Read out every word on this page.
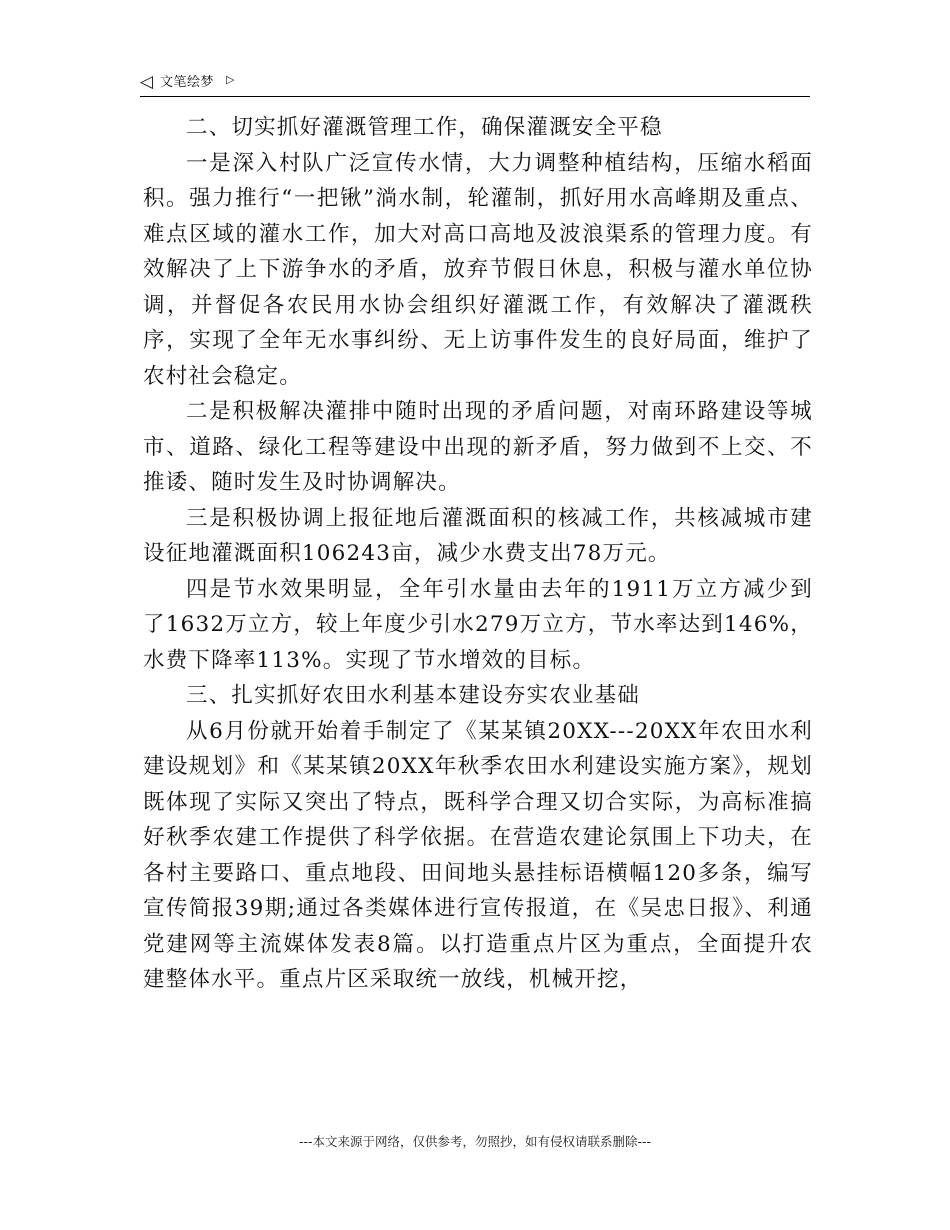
◁ 文笔绘梦 ▷

二、切实抓好灌溉管理工作，确保灌溉安全平稳

一是深入村队广泛宣传水情，大力调整种植结构，压缩水稻面积。强力推行“一把锹”淌水制，轮灌制，抓好用水高峰期及重点、难点区域的灌水工作，加大对高口高地及波浪渠系的管理力度。有效解决了上下游争水的矛盾，放弃节假日休息，积极与灌水单位协调，并督促各农民用水协会组织好灌溉工作，有效解决了灌溉秩序，实现了全年无水事纠纷、无上访事件发生的良好局面，维护了农村社会稳定。

二是积极解决灌排中随时出现的矛盾问题，对南环路建设等城市、道路、绿化工程等建设中出现的新矛盾，努力做到不上交、不推诿、随时发生及时协调解决。

三是积极协调上报征地后灌溉面积的核减工作，共核减城市建设征地灌溉面积106243亩，减少水费支出78万元。

四是节水效果明显，全年引水量由去年的1911万立方减少到了1632万立方，较上年度少引水279万立方，节水率达到146%，水费下降率113%。实现了节水增效的目标。

三、扎实抓好农田水利基本建设夯实农业基础

从6月份就开始着手制定了《某某镇20XX---20XX年农田水利建设规划》和《某某镇20XX年秋季农田水利建设实施方案》，规划既体现了实际又突出了特点，既科学合理又切合实际，为高标准搞好秋季农建工作提供了科学依据。在营造农建论氛围上下功夫，在各村主要路口、重点地段、田间地头悬挂标语横幅120多条，编写宣传简报39期;通过各类媒体进行宣传报道，在《吴忠日报》、利通党建网等主流媒体发表8篇。以打造重点片区为重点，全面提升农建整体水平。重点片区采取统一放线，机械开挖，

---本文来源于网络，仅供参考，勿照抄，如有侵权请联系删除---
